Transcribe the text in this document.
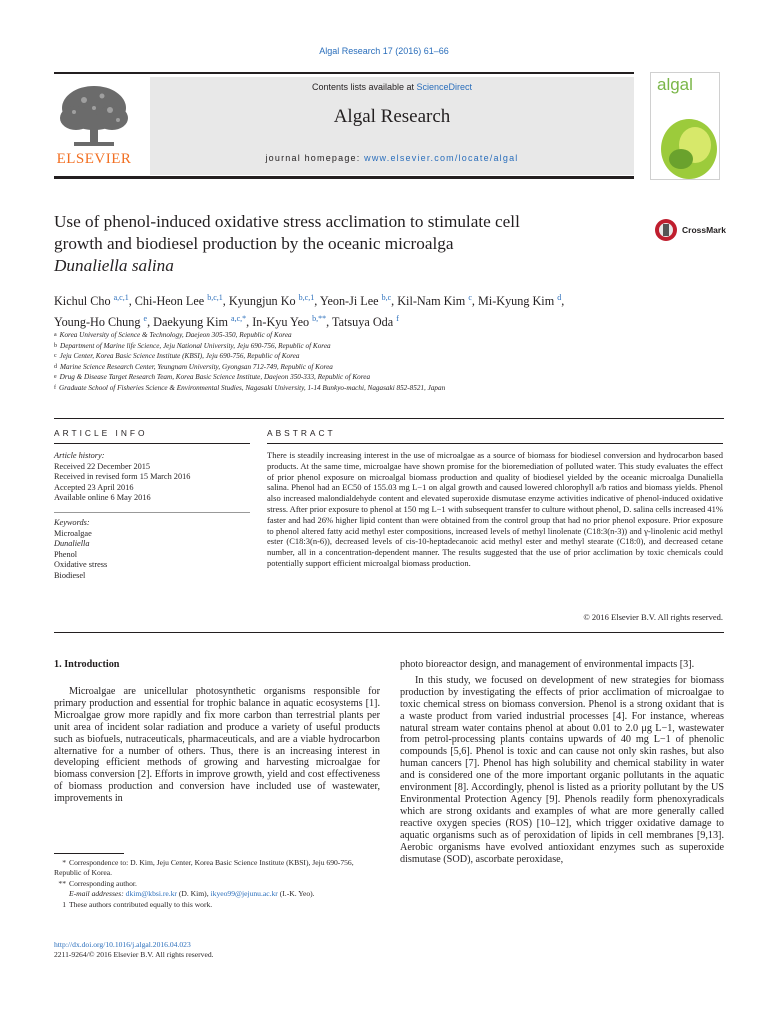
Algal Research 17 (2016) 61–66
ELSEVIER
Contents lists available at ScienceDirect
Algal Research
journal homepage: www.elsevier.com/locate/algal
algal
Use of phenol-induced oxidative stress acclimation to stimulate cell
growth and biodiesel production by the oceanic microalga
Dunaliella salina
CrossMark
Kichul Cho $^{a,c,1}$, Chi-Heon Lee $^{b,c,1}$, Kyungjun Ko $^{b,c,1}$, Yeon-Ji Lee $^{b,c}$, Kil-Nam Kim $^c$, Mi-Kyung Kim $^d$,
Young-Ho Chung $^e$, Daekyung Kim $^{a,c,*}$, In-Kyu Yeo $^{b,**}$, Tatsuya Oda $^f$
$^a$ Korea University of Science & Technology, Daejeon 305-350, Republic of Korea
$^b$ Department of Marine life Science, Jeju National University, Jeju 690-756, Republic of Korea
$^c$ Jeju Center, Korea Basic Science Institute (KBSI), Jeju 690-756, Republic of Korea
$^d$ Marine Science Research Center, Yeungnam University, Gyongsan 712-749, Republic of Korea
$^e$ Drug & Disease Target Research Team, Korea Basic Science Institute, Daejeon 350-333, Republic of Korea
$^f$ Graduate School of Fisheries Science & Environmental Studies, Nagasaki University, 1-14 Bunkyo-machi, Nagasaki 852-8521, Japan
ARTICLE INFO	ABSTRACT
Article history:
Received 22 December 2015
Received in revised form 15 March 2016
Accepted 23 April 2016
Available online 6 May 2016
Keywords:
Microalgae
Dunaliella
Phenol
Oxidative stress
Biodiesel
There is steadily increasing interest in the use of microalgae as a source of biomass for biodiesel conversion and hydrocarbon based products. At the same time, microalgae have shown promise for the bioremediation of polluted water. This study evaluates the effect of prior phenol exposure on microalgal biomass production and quality of biodiesel yielded by the oceanic microalga Dunaliella salina. Phenol had an EC50 of 155.03 mg L−1 on algal growth and caused lowered chlorophyll a/b ratios and biomass yields. Phenol also increased malondialdehyde content and elevated superoxide dismutase enzyme activities indicative of phenol-induced oxidative stress. After prior exposure to phenol at 150 mg L−1 with subsequent transfer to culture without phenol, D. salina cells increased 41% faster and had 26% higher lipid content than were obtained from the control group that had no prior phenol exposure. Prior exposure to phenol altered fatty acid methyl ester compositions, increased levels of methyl linolenate (C18:3(n-3)) and γ-linolenic acid methyl ester (C18:3(n-6)), decreased levels of cis-10-heptadecanoic acid methyl ester and methyl stearate (C18:0), and decreased cetane number, all in a concentration-dependent manner. The results suggested that the use of prior acclimation by toxic chemicals could potentially support efficient microalgal biomass production.
© 2016 Elsevier B.V. All rights reserved.
1. Introduction

Microalgae are unicellular photosynthetic organisms responsible for primary production and essential for trophic balance in aquatic ecosystems [1]. Microalgae grow more rapidly and fix more carbon than terrestrial plants per unit area of incident solar radiation and produce a variety of useful products such as biofuels, nutraceuticals, pharmaceuticals, and are a viable hydrocarbon alternative for a number of others. Thus, there is an increasing interest in developing efficient methods of growing and harvesting microalgae for biomass conversion [2]. Efforts in improve growth, yield and cost effectiveness of biomass production and conversion have included use of wastewater, improvements in

photo bioreactor design, and management of environmental impacts [3].

In this study, we focused on development of new strategies for biomass production by investigating the effects of prior acclimation of microalgae to toxic chemical stress on biomass conversion. Phenol is a strong oxidant that is a waste product from varied industrial processes [4]. For instance, whereas natural stream water contains phenol at about 0.01 to 2.0 μg L−1, wastewater from petrol-processing plants contains upwards of 40 mg L−1 of phenolic compounds [5,6]. Phenol is toxic and can cause not only skin rashes, but also human cancers [7]. Phenol has high solubility and chemical stability in water and is considered one of the more important organic pollutants in the aquatic environment [8]. Accordingly, phenol is listed as a priority pollutant by the US Environmental Protection Agency [9]. Phenols readily form phenoxyradicals which are strong oxidants and examples of what are more generally called reactive oxygen species (ROS) [10–12], which trigger oxidative damage to aquatic organisms such as of peroxidation of lipids in cell membranes [9,13]. Aerobic organisms have evolved antioxidant enzymes such as superoxide dismutase (SOD), ascorbate peroxidase,

* Correspondence to: D. Kim, Jeju Center, Korea Basic Science Institute (KBSI), Jeju 690-756, Republic of Korea.
** Corresponding author.
E-mail addresses: dkim@kbsi.re.kr (D. Kim), ikyeo99@jejunu.ac.kr (I.-K. Yeo).
1 These authors contributed equally to this work.
http://dx.doi.org/10.1016/j.algal.2016.04.023
2211-9264/© 2016 Elsevier B.V. All rights reserved.
